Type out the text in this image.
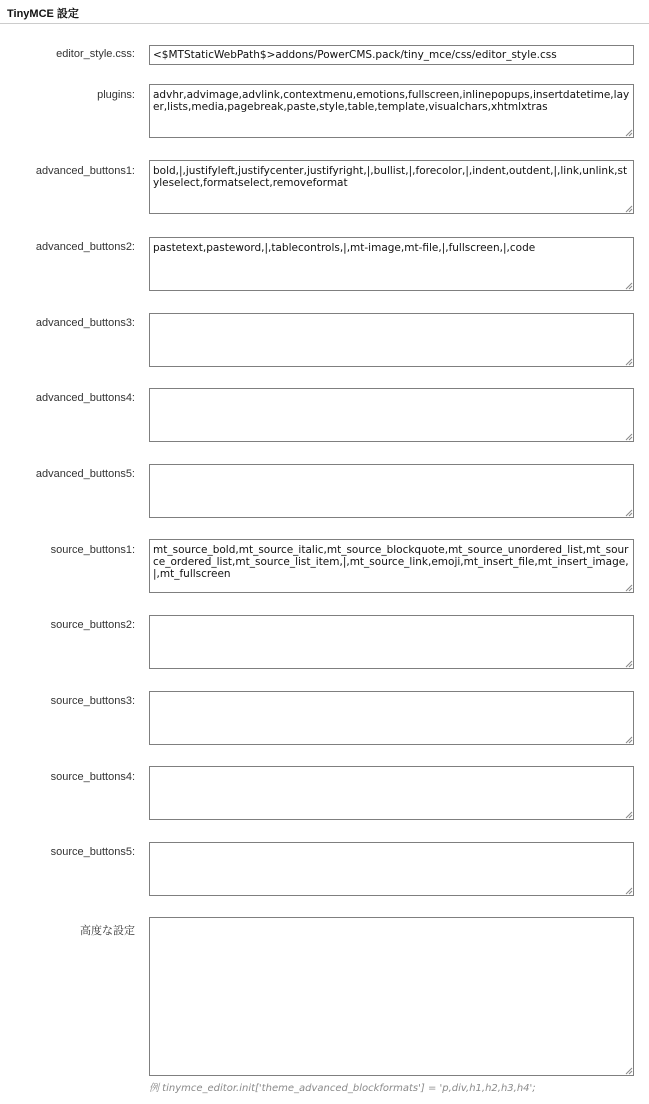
TinyMCE 設定
editor_style.css:
<$MTStaticWebPath$>addons/PowerCMS.pack/tiny_mce/css/editor_style.css
plugins:
advhr,advimage,advlink,contextmenu,emotions,fullscreen,inlinepopups,insertdatetime,layer,lists,media,pagebreak,paste,style,table,template,visualchars,xhtmlxtras
advanced_buttons1:
bold,|,justifyleft,justifycenter,justifyright,|,bullist,|,forecolor,|,indent,outdent,|,link,unlink,styleselect,formatselect,removeformat
advanced_buttons2:
pastetext,pasteword,|,tablecontrols,|,mt-image,mt-file,|,fullscreen,|,code
advanced_buttons3:
advanced_buttons4:
advanced_buttons5:
source_buttons1:
mt_source_bold,mt_source_italic,mt_source_blockquote,mt_source_unordered_list,mt_source_ordered_list,mt_source_list_item,|,mt_source_link,emoji,mt_insert_file,mt_insert_image,|,mt_fullscreen
source_buttons2:
source_buttons3:
source_buttons4:
source_buttons5:
高度な設定
例 tinymce_editor.init['theme_advanced_blockformats'] = 'p,div,h1,h2,h3,h4';
